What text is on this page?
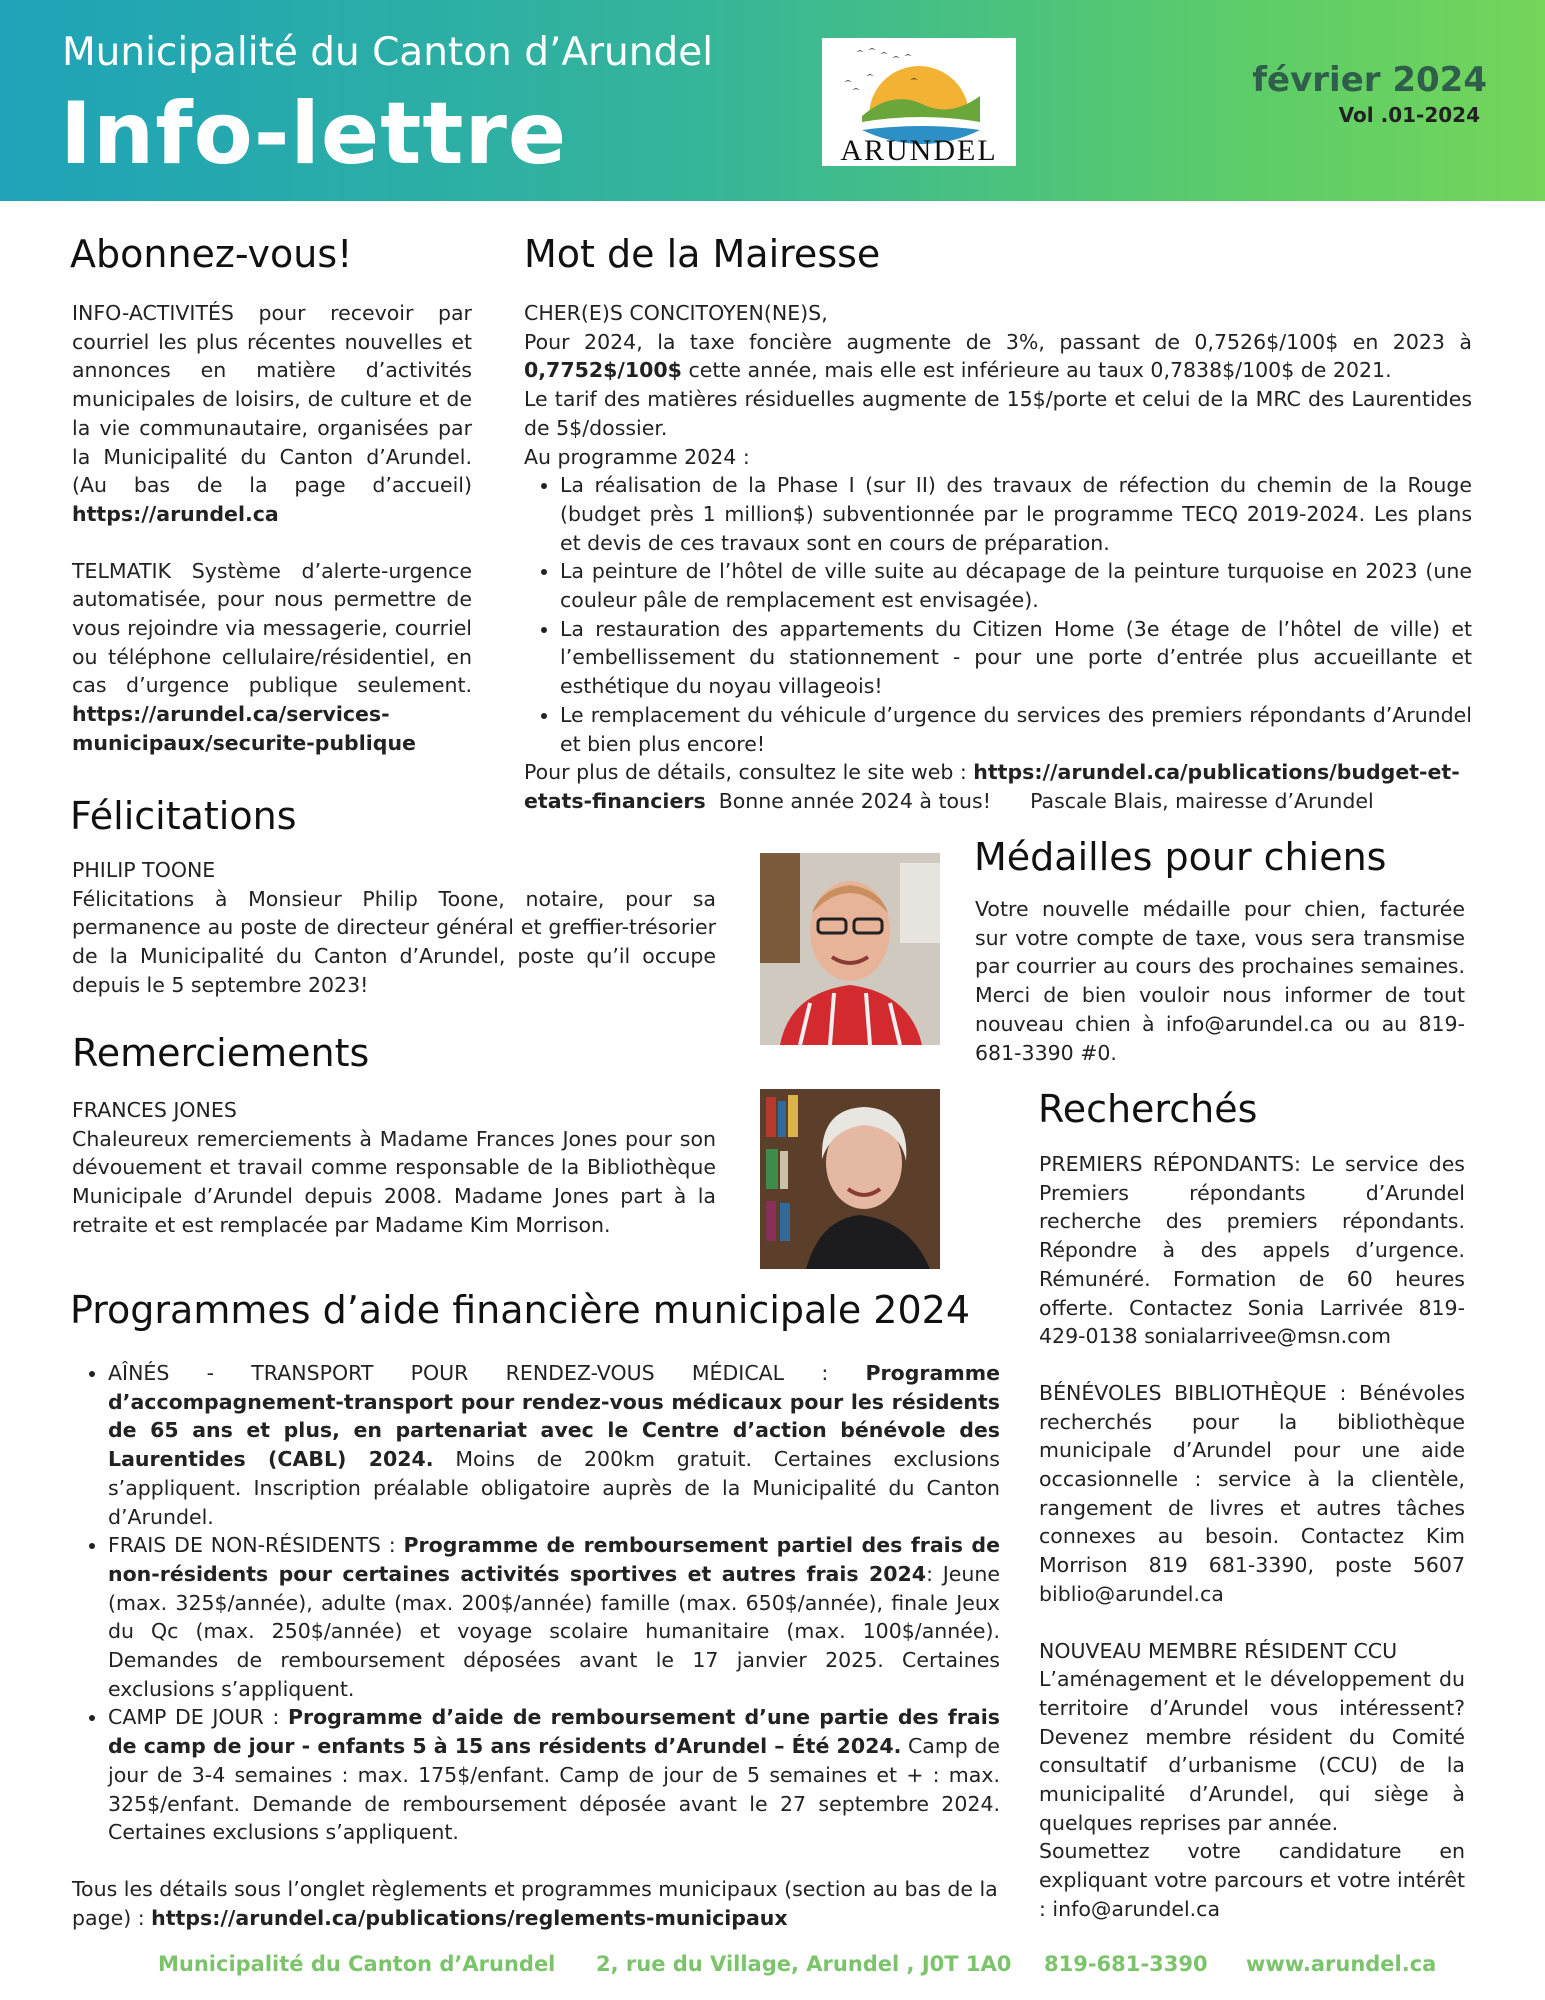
Municipalité du Canton d’Arundel
Info-lettre	ARUNDEL
février 2024
Vol .01-2024
Abonnez-vous!

INFO-ACTIVITÉS pour recevoir par courriel les plus récentes nouvelles et annonces en matière d’activités municipales de loisirs, de culture et de la vie communautaire, organisées par la Municipalité du Canton d’Arundel. (Au bas de la page d’accueil) https://arundel.ca

TELMATIK Système d’alerte-urgence automatisée, pour nous permettre de vous rejoindre via messagerie, courriel ou téléphone cellulaire/résidentiel, en cas d’urgence publique seulement. https://arundel.ca/services-municipaux/securite-publique

Mot de la Mairesse

CHER(E)S CONCITOYEN(NE)S,

Pour 2024, la taxe foncière augmente de 3%, passant de 0,7526$/100$ en 2023 à 0,7752$/100$ cette année, mais elle est inférieure au taux 0,7838$/100$ de 2021.

Le tarif des matières résiduelles augmente de 15$/porte et celui de la MRC des Laurentides de 5$/dossier.

Au programme 2024 :

• La réalisation de la Phase I (sur II) des travaux de réfection du chemin de la Rouge (budget près 1 million$) subventionnée par le programme TECQ 2019-2024. Les plans et devis de ces travaux sont en cours de préparation.
• La peinture de l’hôtel de ville suite au décapage de la peinture turquoise en 2023 (une couleur pâle de remplacement est envisagée).
• La restauration des appartements du Citizen Home (3e étage de l’hôtel de ville) et l’embellissement du stationnement - pour une porte d’entrée plus accueillante et esthétique du noyau villageois!
• Le remplacement du véhicule d’urgence du services des premiers répondants d’Arundel et bien plus encore!

Pour plus de détails, consultez le site web : https://arundel.ca/publications/budget-et-etats-financiers  Bonne année 2024 à tous!      Pascale Blais, mairesse d’Arundel

Félicitations

PHILIP TOONE

Félicitations à Monsieur Philip Toone, notaire, pour sa permanence au poste de directeur général et greffier-trésorier de la Municipalité du Canton d’Arundel, poste qu’il occupe depuis le 5 septembre 2023!

Médailles pour chiens

Votre nouvelle médaille pour chien, facturée sur votre compte de taxe, vous sera transmise par courrier au cours des prochaines semaines. Merci de bien vouloir nous informer de tout nouveau chien à info@arundel.ca ou au 819-681-3390 #0.

Remerciements

FRANCES JONES

Chaleureux remerciements à Madame Frances Jones pour son dévouement et travail comme responsable de la Bibliothèque Municipale d’Arundel depuis 2008. Madame Jones part à la retraite et est remplacée par Madame Kim Morrison.

Recherchés

PREMIERS RÉPONDANTS: Le service des Premiers répondants d’Arundel recherche des premiers répondants. Répondre à des appels d’urgence. Rémunéré. Formation de 60 heures offerte. Contactez Sonia Larrivée 819-429-0138 sonialarrivee@msn.com

BÉNÉVOLES BIBLIOTHÈQUE : Bénévoles recherchés pour la bibliothèque municipale d’Arundel pour une aide occasionnelle : service à la clientèle, rangement de livres et autres tâches connexes au besoin. Contactez Kim Morrison 819 681-3390, poste 5607 biblio@arundel.ca

NOUVEAU MEMBRE RÉSIDENT CCU

L’aménagement et le développement du territoire d’Arundel vous intéressent? Devenez membre résident du Comité consultatif d’urbanisme (CCU) de la municipalité d’Arundel, qui siège à quelques reprises par année.

Soumettez votre candidature en expliquant votre parcours et votre intérêt : info@arundel.ca

Programmes d’aide financière municipale 2024
• AÎNÉS - TRANSPORT POUR RENDEZ-VOUS MÉDICAL : Programme d’accompagnement-transport pour rendez-vous médicaux pour les résidents de 65 ans et plus, en partenariat avec le Centre d’action bénévole des Laurentides (CABL) 2024. Moins de 200km gratuit. Certaines exclusions s’appliquent. Inscription préalable obligatoire auprès de la Municipalité du Canton d’Arundel.
• FRAIS DE NON-RÉSIDENTS : Programme de remboursement partiel des frais de non-résidents pour certaines activités sportives et autres frais 2024: Jeune (max. 325$/année), adulte (max. 200$/année) famille (max. 650$/année), finale Jeux du Qc (max. 250$/année) et voyage scolaire humanitaire (max. 100$/année). Demandes de remboursement déposées avant le 17 janvier 2025. Certaines exclusions s’appliquent.
• CAMP DE JOUR : Programme d’aide de remboursement d’une partie des frais de camp de jour - enfants 5 à 15 ans résidents d’Arundel – Été 2024. Camp de jour de 3-4 semaines : max. 175$/enfant. Camp de jour de 5 semaines et + : max. 325$/enfant. Demande de remboursement déposée avant le 27 septembre 2024. Certaines exclusions s’appliquent.

Tous les détails sous l’onglet règlements et programmes municipaux (section au bas de la page) : https://arundel.ca/publications/reglements-municipaux

Municipalité du Canton d’Arundel 2, rue du Village, Arundel , J0T 1A0 819-681-3390 www.arundel.ca
